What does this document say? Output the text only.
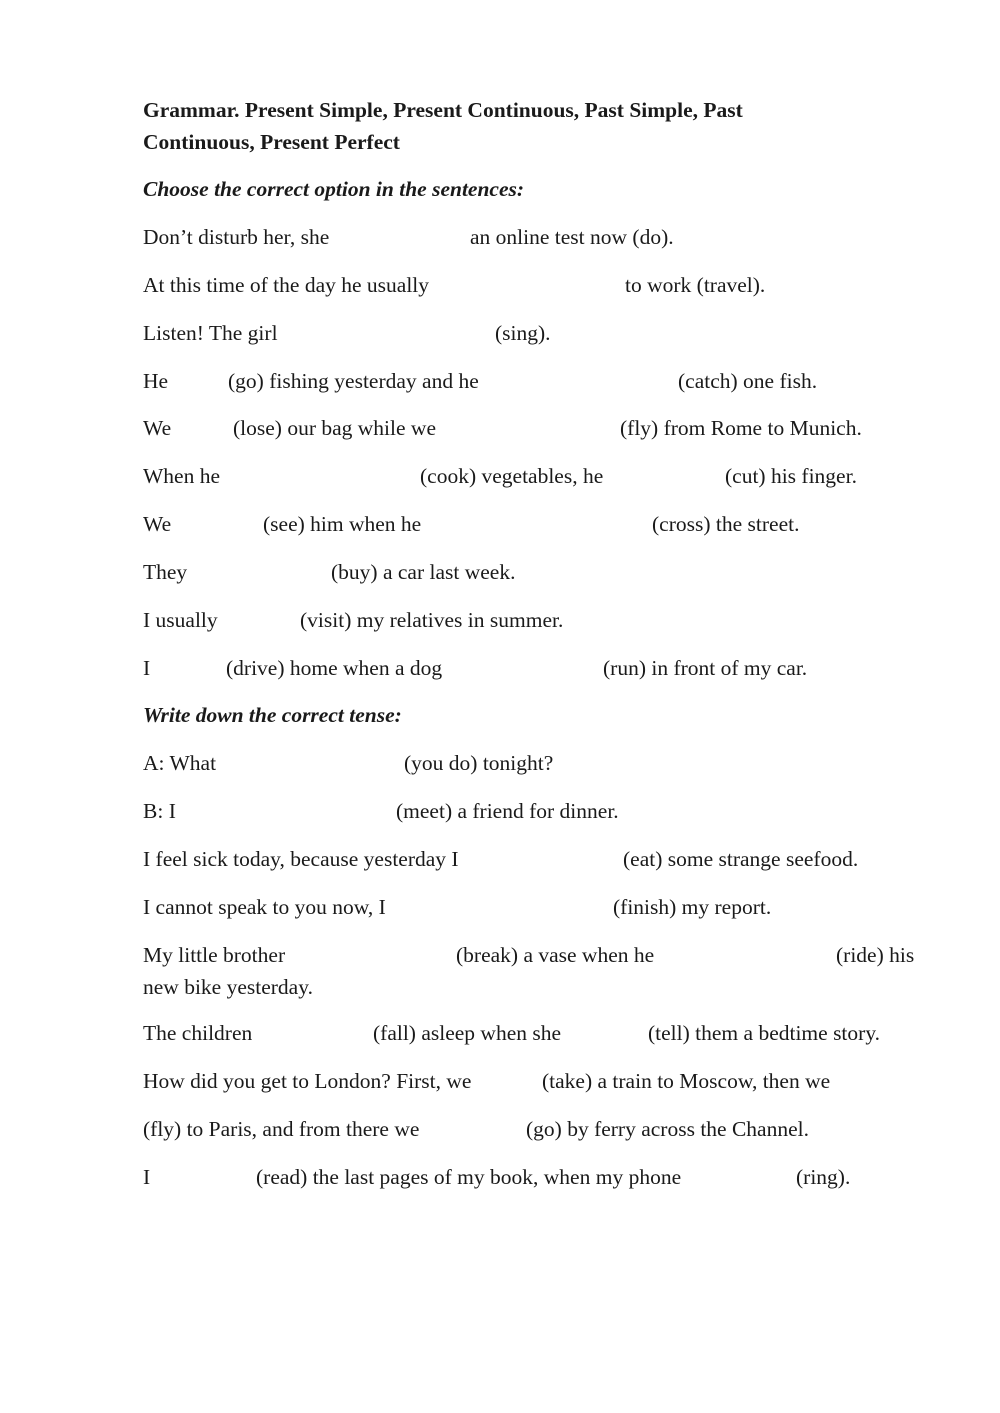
Grammar. Present Simple, Present Continuous, Past Simple, Past
Continuous, Present Perfect
Choose the correct option in the sentences:
Don’t disturb her, she	an online test now (do).
At this time of the day he usually	to work (travel).
Listen! The girl	(sing).
He	(go) fishing yesterday and he	(catch) one fish.
We	(lose) our bag while we	(fly) from Rome to Munich.
When he	(cook) vegetables, he	(cut) his finger.
We	(see) him when he	(cross) the street.
They	(buy) a car last week.
I usually	(visit) my relatives in summer.
I	(drive) home when a dog	(run) in front of my car.
Write down the correct tense:
A: What	(you do) tonight?
B: I	(meet) a friend for dinner.
I feel sick today, because yesterday I	(eat) some strange seefood.
I cannot speak to you now, I	(finish) my report.
My little brother	(break) a vase when he	(ride) his
new bike yesterday.
The children	(fall) asleep when she	(tell) them a bedtime story.
How did you get to London? First, we	(take) a train to Moscow, then we
(fly) to Paris, and from there we	(go) by ferry across the Channel.
I	(read) the last pages of my book, when my phone	(ring).
